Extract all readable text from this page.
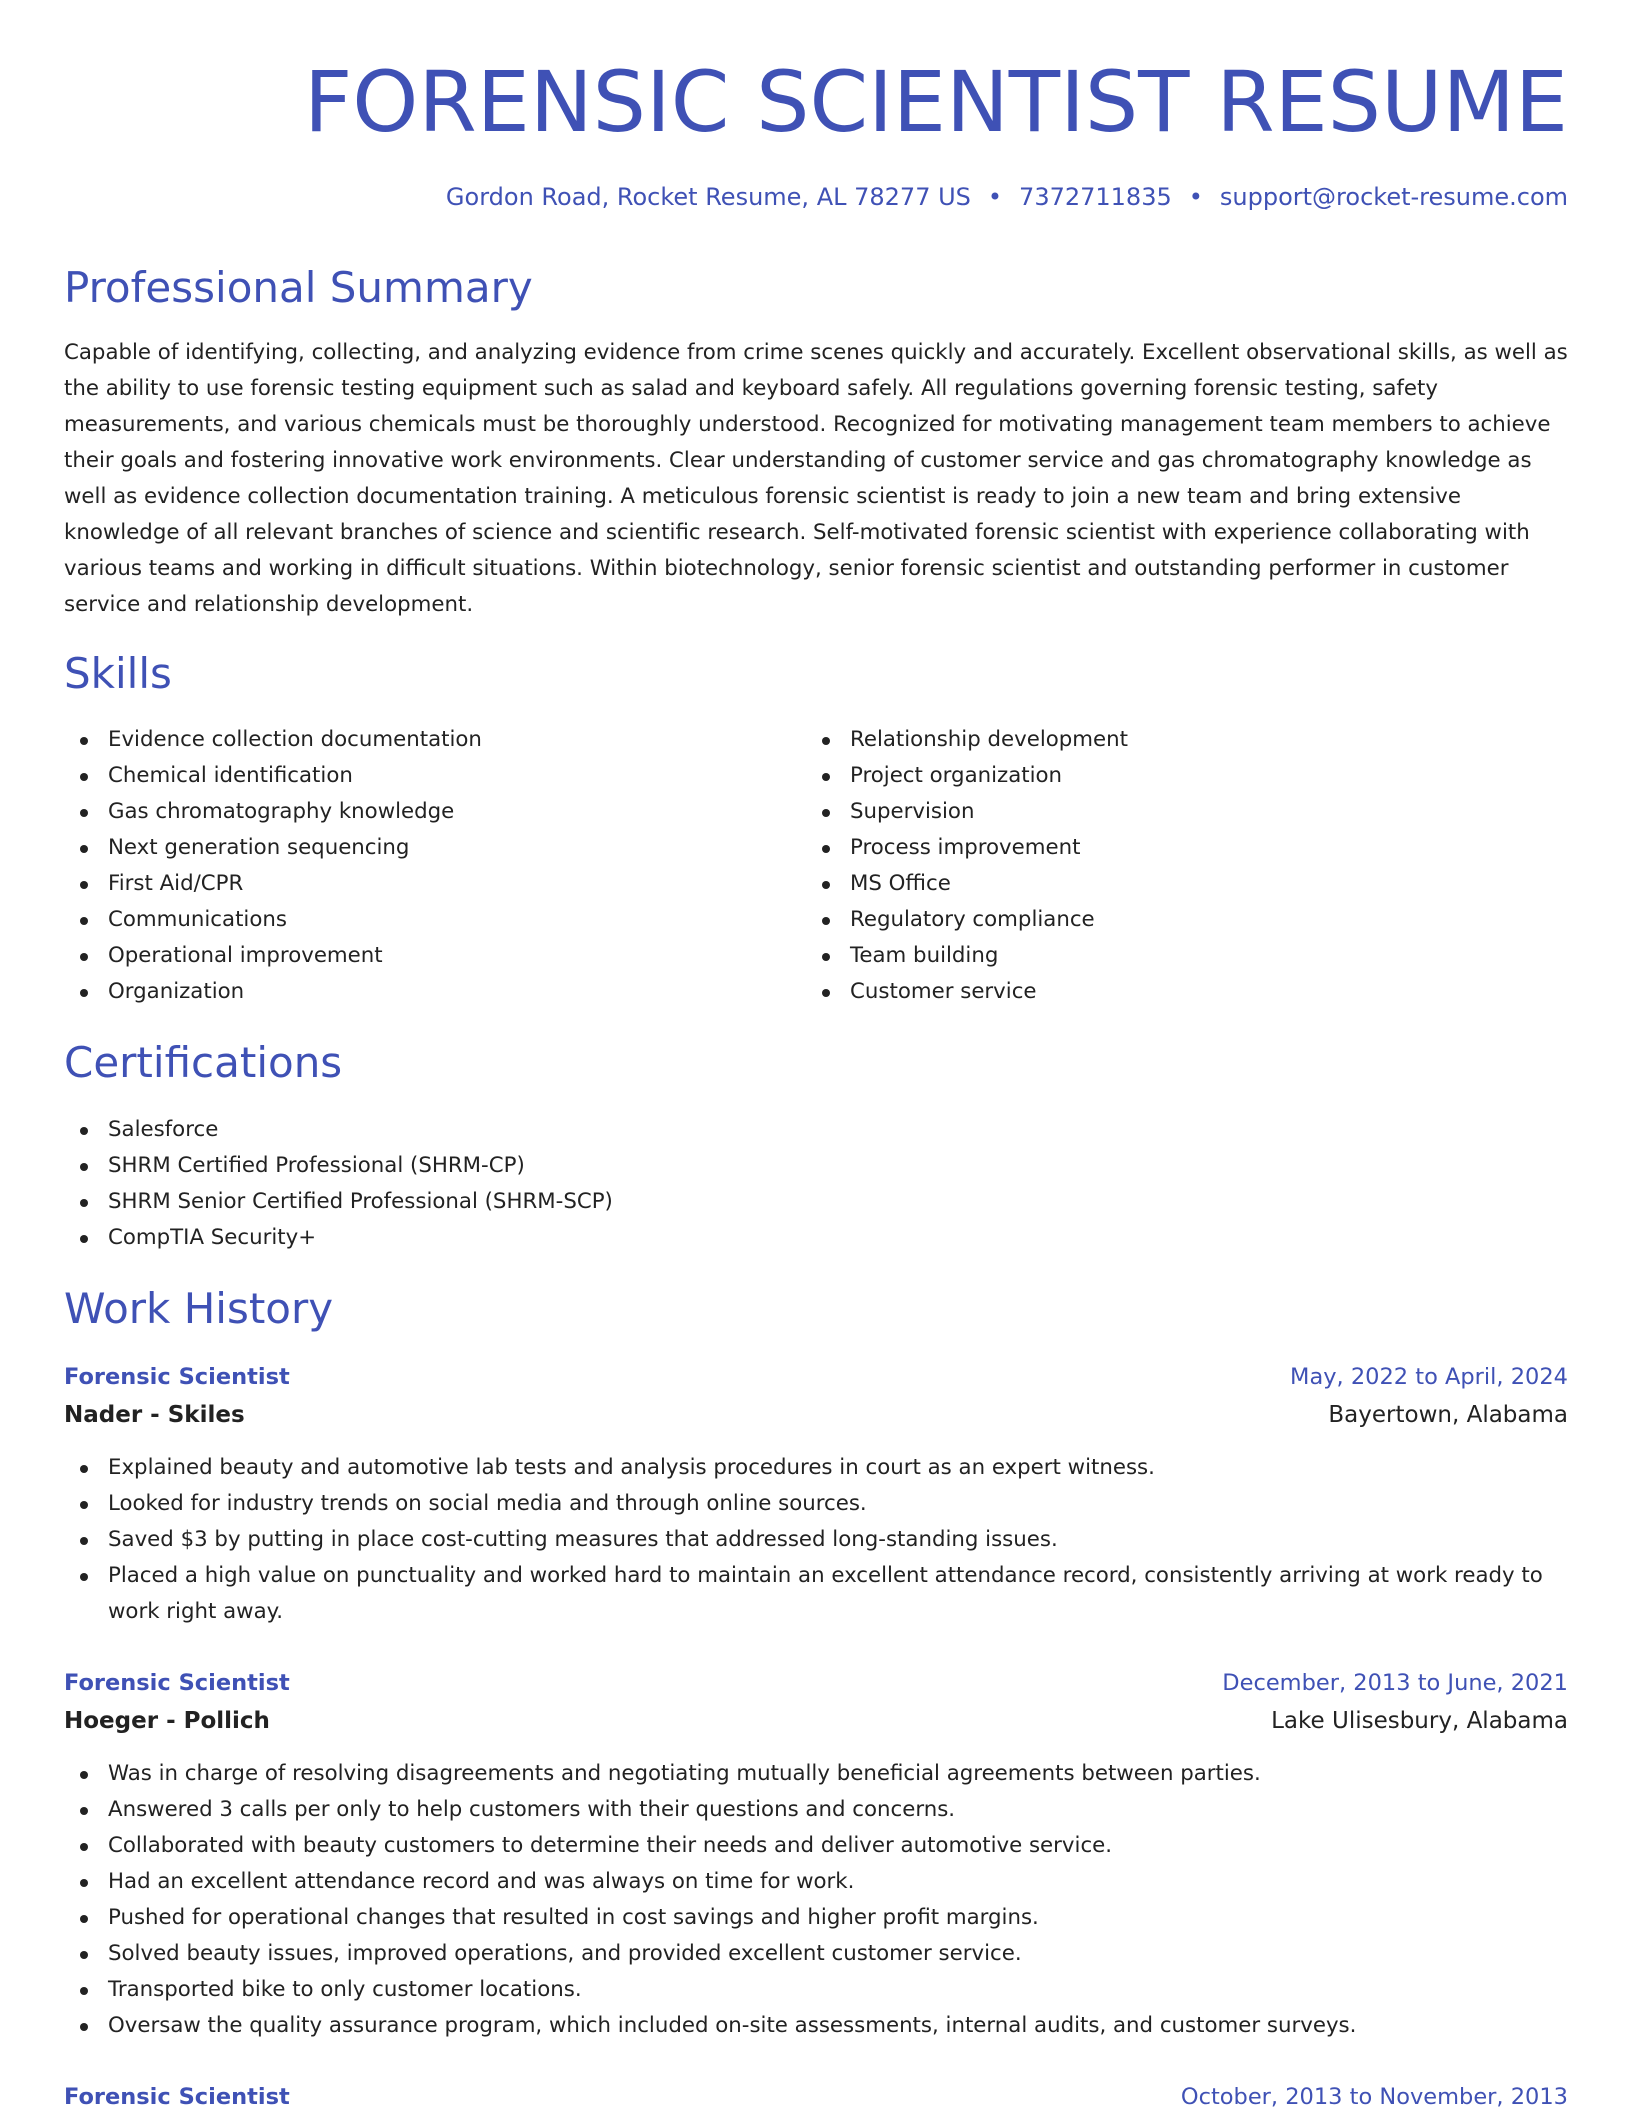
FORENSIC SCIENTIST RESUME
Gordon Road, Rocket Resume, AL 78277 US • 7372711835 • support@rocket-resume.com
Professional Summary

Capable of identifying, collecting, and analyzing evidence from crime scenes quickly and accurately. Excellent observational skills, as well as the ability to use forensic testing equipment such as salad and keyboard safely. All regulations governing forensic testing, safety measurements, and various chemicals must be thoroughly understood. Recognized for motivating management team members to achieve their goals and fostering innovative work environments. Clear understanding of customer service and gas chromatography knowledge as well as evidence collection documentation training. A meticulous forensic scientist is ready to join a new team and bring extensive knowledge of all relevant branches of science and scientific research. Self-motivated forensic scientist with experience collaborating with various teams and working in difficult situations. Within biotechnology, senior forensic scientist and outstanding performer in customer service and relationship development.

Skills
Evidence collection documentation
Chemical identification
Gas chromatography knowledge
Next generation sequencing
First Aid/CPR
Communications
Operational improvement
Organization
Relationship development
Project organization
Supervision
Process improvement
MS Office
Regulatory compliance
Team building
Customer service
Certifications
Salesforce
SHRM Certified Professional (SHRM-CP)
SHRM Senior Certified Professional (SHRM-SCP)
CompTIA Security+
Work History
Forensic Scientist	May, 2022 to April, 2024
Nader - Skiles	Bayertown, Alabama
Explained beauty and automotive lab tests and analysis procedures in court as an expert witness.
Looked for industry trends on social media and through online sources.
Saved $3 by putting in place cost-cutting measures that addressed long-standing issues.
Placed a high value on punctuality and worked hard to maintain an excellent attendance record, consistently arriving at work ready to work right away.
Forensic Scientist	December, 2013 to June, 2021
Hoeger - Pollich	Lake Ulisesbury, Alabama
Was in charge of resolving disagreements and negotiating mutually beneficial agreements between parties.
Answered 3 calls per only to help customers with their questions and concerns.
Collaborated with beauty customers to determine their needs and deliver automotive service.
Had an excellent attendance record and was always on time for work.
Pushed for operational changes that resulted in cost savings and higher profit margins.
Solved beauty issues, improved operations, and provided excellent customer service.
Transported bike to only customer locations.
Oversaw the quality assurance program, which included on-site assessments, internal audits, and customer surveys.
Forensic Scientist	October, 2013 to November, 2013
